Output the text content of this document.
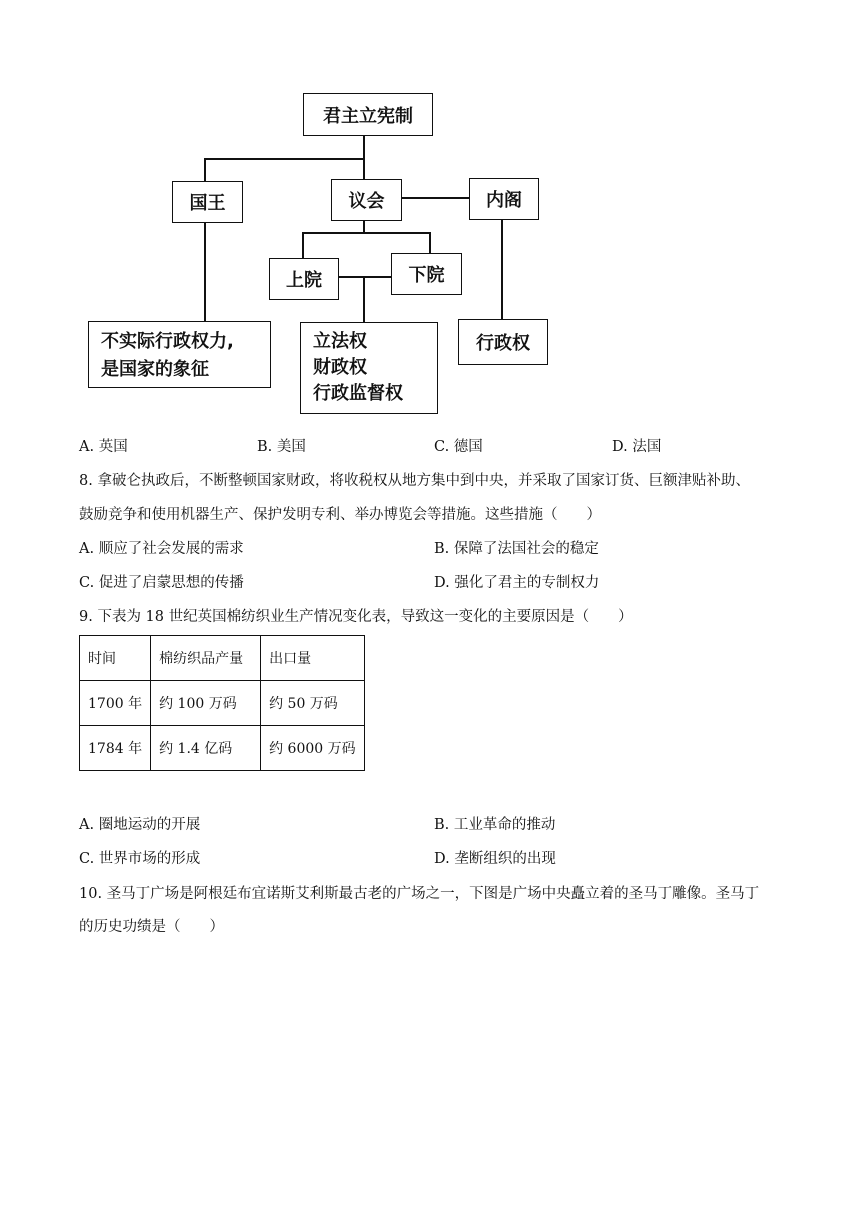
君主立宪制
国王	议会	内阁
上院	下院
不实际行政权力,
是国家的象征
立法权
财政权
行政监督权
行政权
A. 英国	B. 美国	C. 德国	D. 法国
8. 拿破仑执政后，不断整顿国家财政，将收税权从地方集中到中央，并采取了国家订货、巨额津贴补助、
鼓励竞争和使用机器生产、保护发明专利、举办博览会等措施。这些措施（　　）
A. 顺应了社会发展的需求	B. 保障了法国社会的稳定
C. 促进了启蒙思想的传播	D. 强化了君主的专制权力
9. 下表为 18 世纪英国棉纺织业生产情况变化表，导致这一变化的主要原因是（　　）
时间	棉纺织品产量	出口量
1700 年	约 100 万码	约 50 万码
1784 年	约 1.4 亿码	约 6000 万码
A. 圈地运动的开展	B. 工业革命的推动
C. 世界市场的形成	D. 垄断组织的出现
10. 圣马丁广场是阿根廷布宜诺斯艾利斯最古老的广场之一，下图是广场中央矗立着的圣马丁雕像。圣马丁
的历史功绩是（　　）
